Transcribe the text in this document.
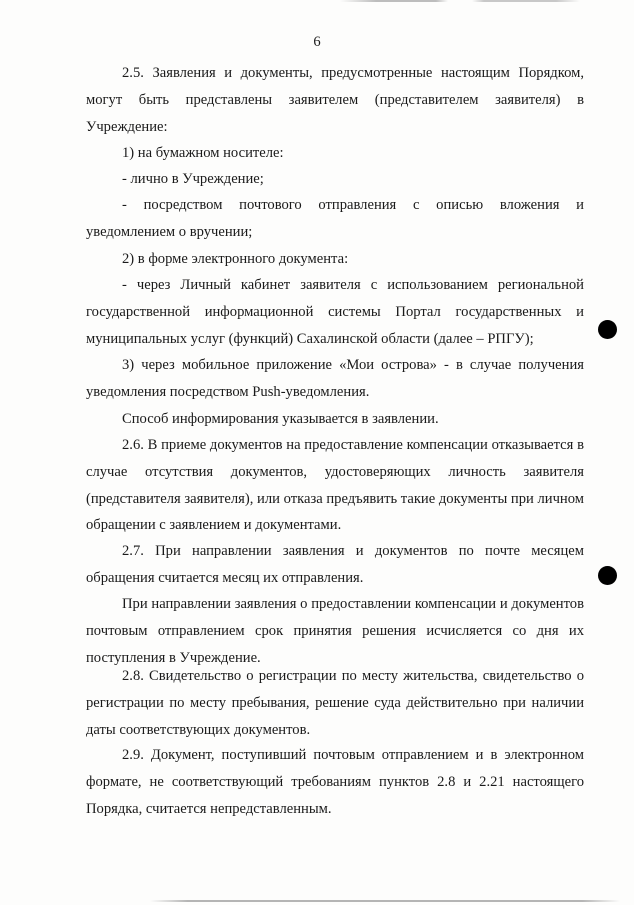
6

2.5. Заявления и документы, предусмотренные настоящим Порядком, могут быть представлены заявителем (представителем заявителя) в Учреждение:

1) на бумажном носителе:

- лично в Учреждение;

- посредством почтового отправления с описью вложения и уведомлением о вручении;

2) в форме электронного документа:

- через Личный кабинет заявителя с использованием региональной государственной информационной системы Портал государственных и муниципальных услуг (функций) Сахалинской области (далее – РПГУ);

3) через мобильное приложение «Мои острова» - в случае получения уведомления посредством Push-уведомления.

Способ информирования указывается в заявлении.

2.6. В приеме документов на предоставление компенсации отказывается в случае отсутствия документов, удостоверяющих личность заявителя (представителя заявителя), или отказа предъявить такие документы при личном обращении с заявлением и документами.

2.7. При направлении заявления и документов по почте месяцем обращения считается месяц их отправления.

При направлении заявления о предоставлении компенсации и документов почтовым отправлением срок принятия решения исчисляется со дня их поступления в Учреждение.

2.8. Свидетельство о регистрации по месту жительства, свидетельство о регистрации по месту пребывания, решение суда действительно при наличии даты соответствующих документов.

2.9. Документ, поступивший почтовым отправлением и в электронном формате, не соответствующий требованиям пунктов 2.8 и 2.21 настоящего Порядка, считается непредставленным.
